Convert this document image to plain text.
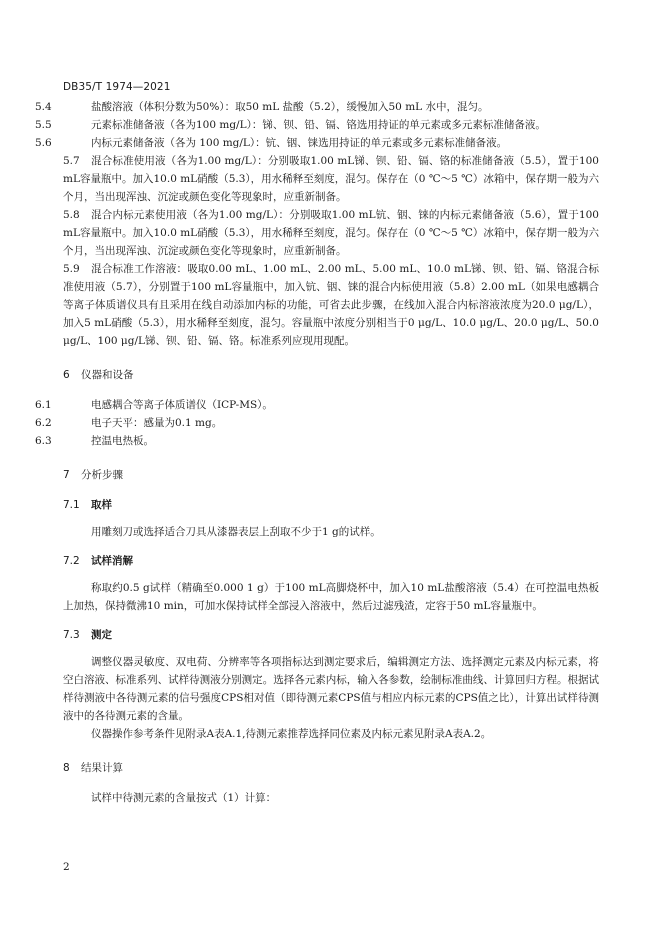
DB35/T 1974—2021

5.4	盐酸溶液（体积分数为50%）：取50 mL 盐酸（5.2），缓慢加入50 mL 水中，混匀。

5.5	元素标准储备液（各为100 mg/L）：锑、钡、铅、镉、铬选用持证的单元素或多元素标准储备液。

5.6	内标元素储备液（各为 100 mg/L）：钪、铟、铼选用持证的单元素或多元素标准储备液。

5.7 混合标准使用液（各为1.00 mg/L）：分别吸取1.00 mL锑、钡、铅、镉、铬的标准储备液（5.5），置于100 mL容量瓶中。加入10.0 mL硝酸（5.3），用水稀释至刻度，混匀。保存在（0 ℃～5 ℃）冰箱中，保存期一般为六个月，当出现浑浊、沉淀或颜色变化等现象时，应重新制备。

5.8 混合内标元素使用液（各为1.00 mg/L）：分别吸取1.00 mL钪、铟、铼的内标元素储备液（5.6），置于100 mL容量瓶中。加入10.0 mL硝酸（5.3），用水稀释至刻度，混匀。保存在（0 ℃～5 ℃）冰箱中，保存期一般为六个月，当出现浑浊、沉淀或颜色变化等现象时，应重新制备。

5.9 混合标准工作溶液：吸取0.00 mL、1.00 mL、2.00 mL、5.00 mL、10.0 mL锑、钡、铅、镉、铬混合标准使用液（5.7），分别置于100 mL容量瓶中，加入钪、铟、铼的混合内标使用液（5.8）2.00 mL（如果电感耦合等离子体质谱仪具有且采用在线自动添加内标的功能，可省去此步骤，在线加入混合内标溶液浓度为20.0 μg/L），加入5 mL硝酸（5.3），用水稀释至刻度，混匀。容量瓶中浓度分别相当于0 μg/L、10.0 μg/L、20.0 μg/L、50.0 μg/L、100 μg/L锑、钡、铅、镉、铬。标准系列应现用现配。

6 仪器和设备

6.1	电感耦合等离子体质谱仪（ICP-MS）。

6.2	电子天平：感量为0.1 mg。

6.3	控温电热板。

7 分析步骤
7.1 取样

用雕刻刀或选择适合刀具从漆器表层上刮取不少于1 g的试样。

7.2 试样消解

称取约0.5 g试样（精确至0.000 1 g）于100 mL高脚烧杯中，加入10 mL盐酸溶液（5.4）在可控温电热板上加热，保持微沸10 min，可加水保持试样全部浸入溶液中，然后过滤残渣，定容于50 mL容量瓶中。

7.3 测定

调整仪器灵敏度、双电荷、分辨率等各项指标达到测定要求后，编辑测定方法、选择测定元素及内标元素，将空白溶液、标准系列、试样待测液分别测定。选择各元素内标，输入各参数，绘制标准曲线、计算回归方程。根据试样待测液中各待测元素的信号强度CPS相对值（即待测元素CPS值与相应内标元素的CPS值之比），计算出试样待测液中的各待测元素的含量。

仪器操作参考条件见附录A表A.1,待测元素推荐选择同位素及内标元素见附录A表A.2。

8 结果计算

试样中待测元素的含量按式（1）计算：

2
